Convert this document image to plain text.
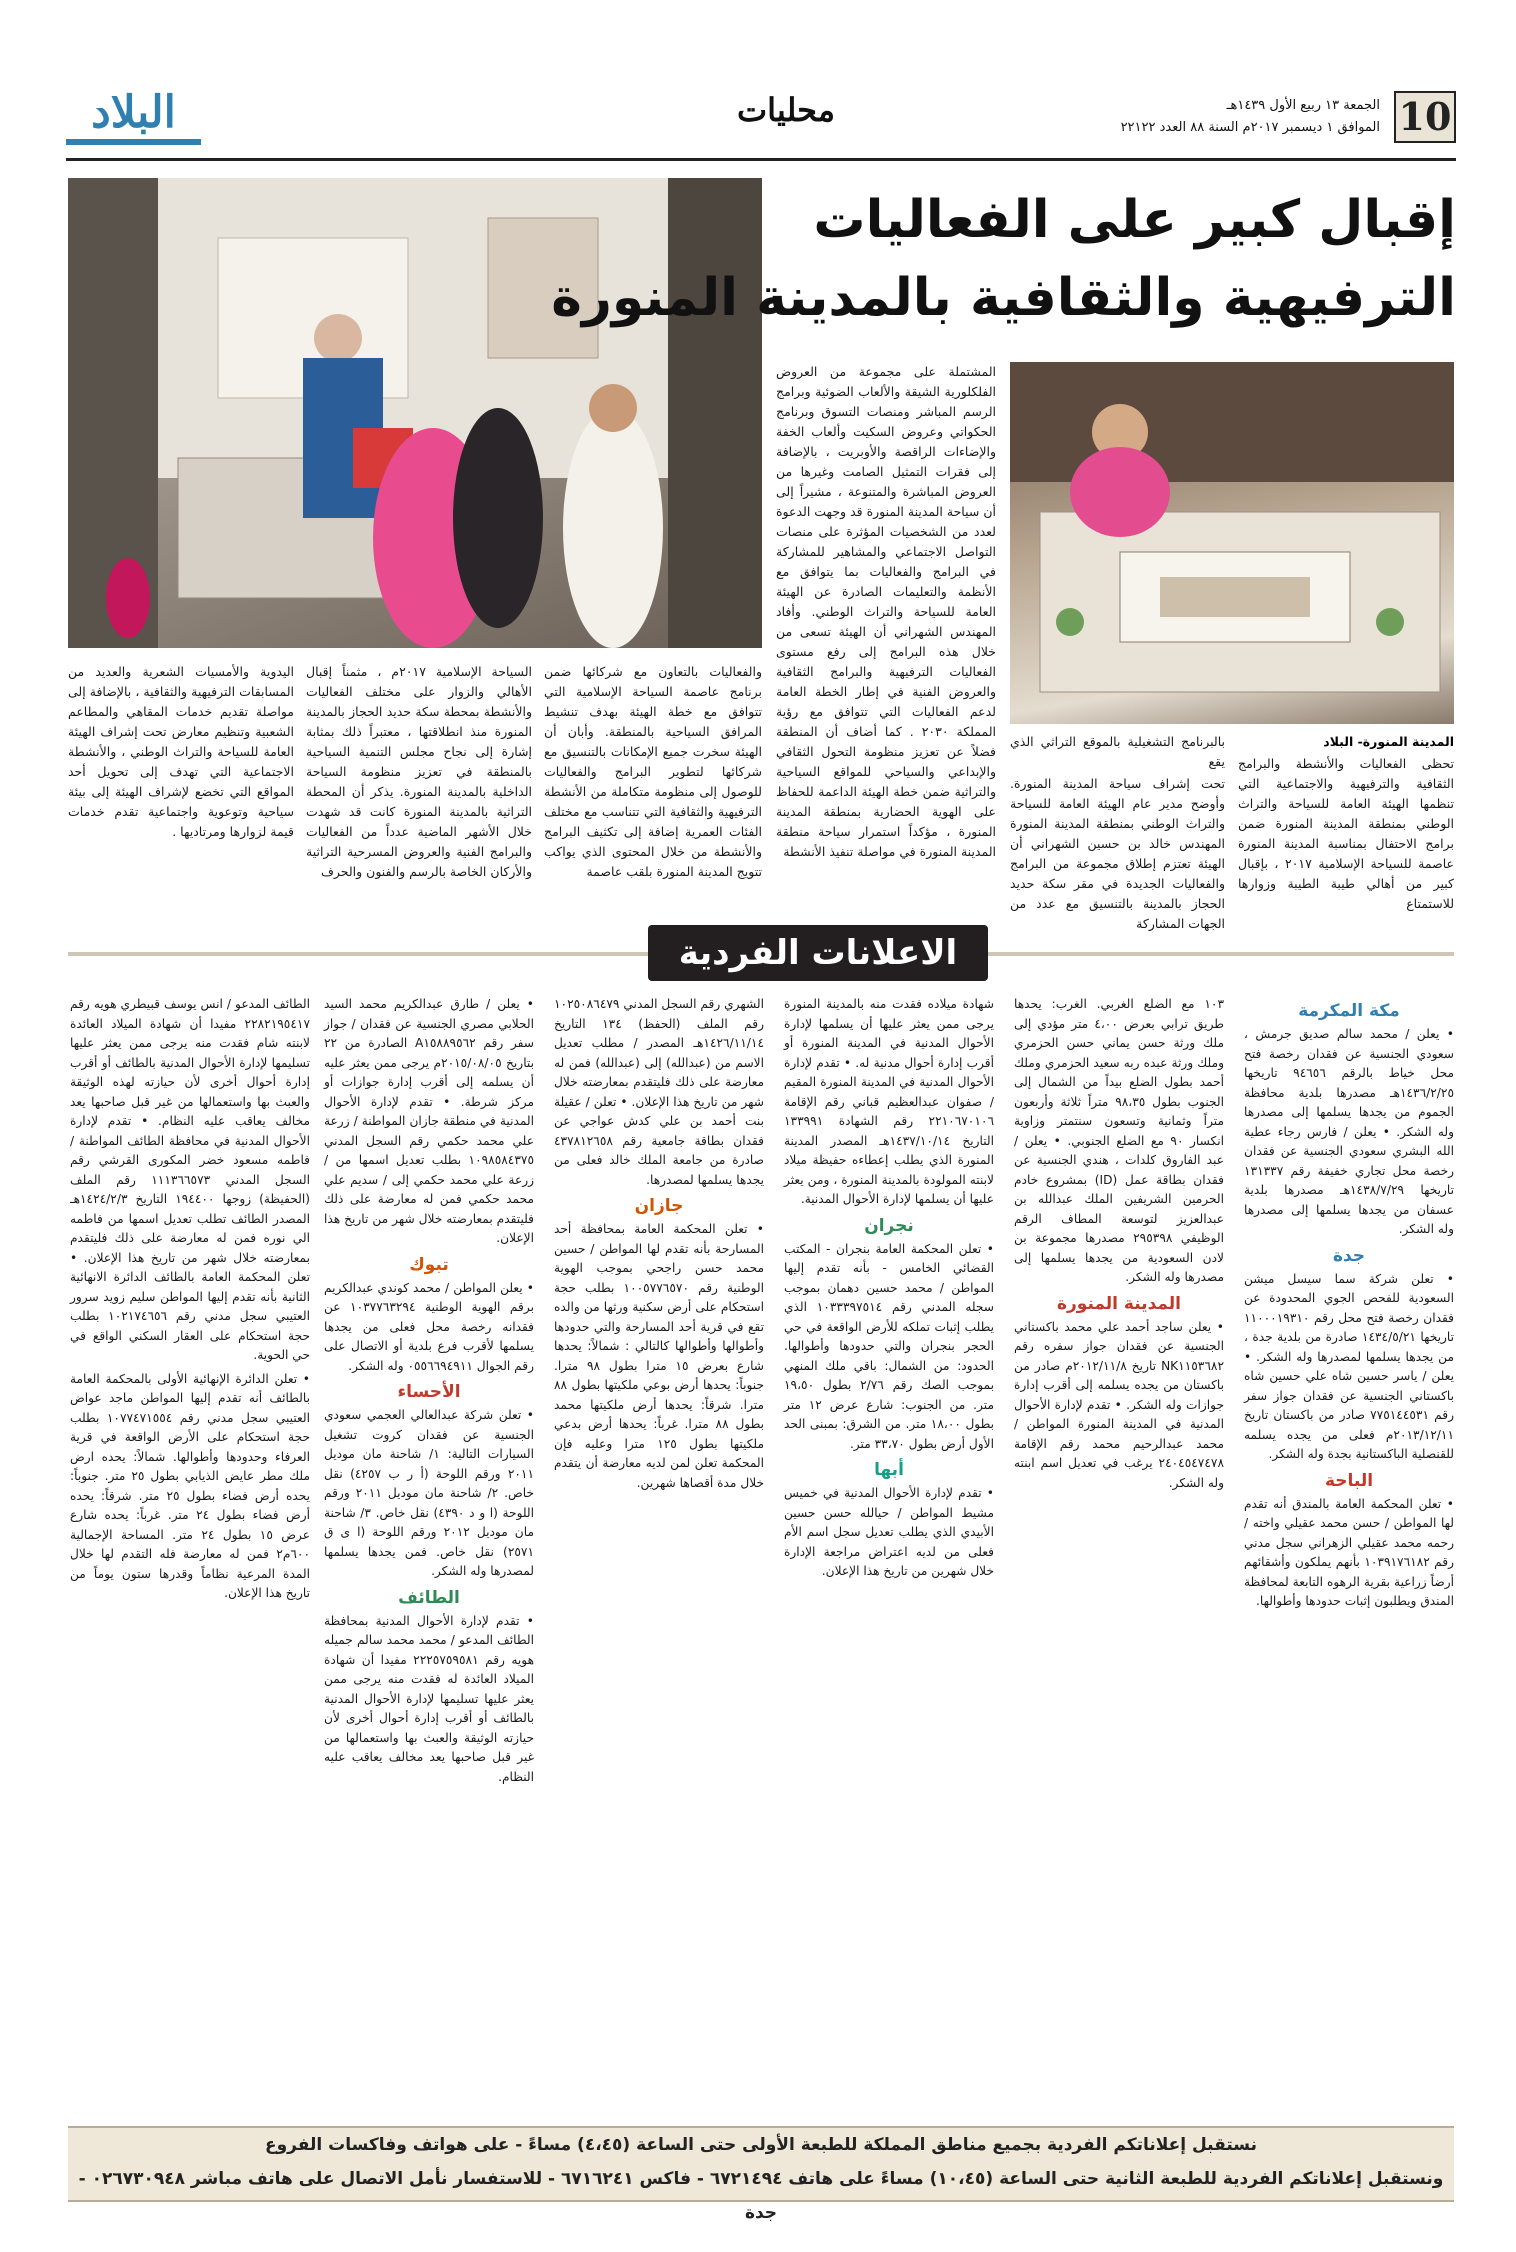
10
الجمعة ١٣ ربيع الأول ١٤٣٩هـ
الموافق ١ ديسمبر ٢٠١٧م السنة ٨٨ العدد ٢٢١٢٢
محليات
البلاد
إقبال كبير على الفعاليات
الترفيهية والثقافية بالمدينة المنورة

بالبرنامج التشغيلية بالموقع التراثي الذي يقع

تحت إشراف سياحة المدينة المنورة. وأوضح مدير عام الهيئة العامة للسياحة والتراث الوطني بمنطقة المدينة المنورة المهندس خالد بن حسين الشهراني أن الهيئة تعتزم إطلاق مجموعة من البرامج والفعاليات الجديدة في مقر سكة حديد الحجاز بالمدينة بالتنسيق مع عدد من الجهات المشاركة

المدينة المنورة- البلاد

تحظى الفعاليات والأنشطة والبرامج الثقافية والترفيهية والاجتماعية التي تنظمها الهيئة العامة للسياحة والتراث الوطني بمنطقة المدينة المنورة ضمن برامج الاحتفال بمناسبة المدينة المنورة عاصمة للسياحة الإسلامية ٢٠١٧ ، بإقبال كبير من أهالي طيبة الطيبة وزوارها للاستمتاع

المشتملة على مجموعة من العروض الفلكلورية الشيقة والألعاب الضوئية وبرامج الرسم المباشر ومنصات التسوق وبرنامج الحكواتي وعروض السكيت وألعاب الخفة والإضاءات الراقصة والأوبريت ، بالإضافة إلى فقرات التمثيل الصامت وغيرها من العروض المباشرة والمتنوعة ، مشيراً إلى أن سياحة المدينة المنورة قد وجهت الدعوة لعدد من الشخصيات المؤثرة على منصات التواصل الاجتماعي والمشاهير للمشاركة في البرامج والفعاليات بما يتوافق مع الأنظمة والتعليمات الصادرة عن الهيئة العامة للسياحة والتراث الوطني. وأفاد المهندس الشهراني أن الهيئة تسعى من خلال هذه البرامج إلى رفع مستوى الفعاليات الترفيهية والبرامج الثقافية والعروض الفنية في إطار الخطة العامة لدعم الفعاليات التي تتوافق مع رؤية المملكة ٢٠٣٠ . كما أضاف أن المنطقة فضلاً عن تعزيز منظومة التحول الثقافي والإبداعي والسياحي للمواقع السياحية والتراثية ضمن خطة الهيئة الداعمة للحفاظ على الهوية الحضارية بمنطقة المدينة المنورة ، مؤكداً استمرار سياحة منطقة المدينة المنورة في مواصلة تنفيذ الأنشطة
والفعاليات بالتعاون مع شركائها ضمن برنامج عاصمة السياحة الإسلامية التي تتوافق مع خطة الهيئة بهدف تنشيط المرافق السياحية بالمنطقة. وأبان أن الهيئة سخرت جميع الإمكانات بالتنسيق مع شركائها لتطوير البرامج والفعاليات للوصول إلى منظومة متكاملة من الأنشطة الترفيهية والثقافية التي تتناسب مع مختلف الفئات العمرية إضافة إلى تكثيف البرامج والأنشطة من خلال المحتوى الذي يواكب تتويج المدينة المنورة بلقب عاصمة
السياحة الإسلامية ٢٠١٧م ، مثمناً إقبال الأهالي والزوار على مختلف الفعاليات والأنشطة بمحطة سكة حديد الحجاز بالمدينة المنورة منذ انطلاقتها ، معتبراً ذلك بمثابة إشارة إلى نجاح مجلس التنمية السياحية بالمنطقة في تعزيز منظومة السياحة الداخلية بالمدينة المنورة. يذكر أن المحطة التراثية بالمدينة المنورة كانت قد شهدت خلال الأشهر الماضية عدداً من الفعاليات والبرامج الفنية والعروض المسرحية التراثية والأركان الخاصة بالرسم والفنون والحرف
اليدوية والأمسيات الشعرية والعديد من المسابقات الترفيهية والثقافية ، بالإضافة إلى مواصلة تقديم خدمات المقاهي والمطاعم الشعبية وتنظيم معارض تحت إشراف الهيئة العامة للسياحة والتراث الوطني ، والأنشطة الاجتماعية التي تهدف إلى تحويل أحد المواقع التي تخضع لإشراف الهيئة إلى بيئة سياحية وتوعوية واجتماعية تقدم خدمات قيمة لزوارها ومرتاديها .
الاعلانات الفردية
مكة المكرمة

• يعلن / محمد سالم صديق جرمش ، سعودي الجنسية عن فقدان رخصة فتح محل خياط بالرقم ٩٤٦٥٦ تاريخها ١٤٣٦/٢/٢٥هـ مصدرها بلدية محافظة الجموم من يجدها يسلمها إلى مصدرها وله الشكر. • يعلن / فارس رجاء عطية الله البشري سعودي الجنسية عن فقدان رخصة محل تجاري خفيفة رقم ١٣١٣٣٧ تاريخها ١٤٣٨/٧/٢٩هـ مصدرها بلدية عسفان من يجدها يسلمها إلى مصدرها وله الشكر.

جدة

• تعلن شركة سما سيسل ميشن السعودية للفحص الجوي المحدودة عن فقدان رخصة فتح محل رقم ١١٠٠٠١٩٣١٠ تاريخها ١٤٣٤/٥/٢١ صادرة من بلدية جدة ، من يجدها يسلمها لمصدرها وله الشكر. • يعلن / ياسر حسين شاه علي حسين شاه باكستاني الجنسية عن فقدان جواز سفر رقم ٧٧٥١٤٤٥٣١ صادر من باكستان تاريخ ٢٠١٣/١٢/١١م فعلى من يجده يسلمه للقنصلية الباكستانية بجدة وله الشكر.

الباحة

• تعلن المحكمة العامة بالمندق أنه تقدم لها المواطن / حسن محمد عقيلي واخته / رحمه محمد عقيلي الزهراني سجل مدني رقم ١٠٣٩١٧٦١٨٢ بأنهم يملكون وأشقائهم أرضاً زراعية بقرية الرهوه التابعة لمحافظة المندق ويطلبون إثبات حدودها وأطوالها.

١٠٣ مع الضلع الغربي. الغرب: يحدها طريق ترابي بعرض ٤،٠٠ متر مؤدي إلى ملك ورثة حسن يماني حسن الحزمري وملك ورثة عبده ربه سعيد الحزمري وملك أحمد بطول الضلع بيداً من الشمال إلى الجنوب بطول ٩٨،٣٥ متراً ثلاثة وأربعون متراً وثمانية وتسعون سنتمتر وزاوية انكسار ٩٠ مع الضلع الجنوبي. • يعلن / عبد الفاروق كلدات ، هندي الجنسية عن فقدان بطاقة عمل (ID) بمشروع خادم الحرمين الشريفين الملك عبدالله بن عبدالعزيز لتوسعة المطاف الرقم الوظيفي ٢٩٥٣٩٨ مصدرها مجموعة بن لادن السعودية من يجدها يسلمها إلى مصدرها وله الشكر.

المدينة المنورة

• يعلن ساجد أحمد علي محمد باكستاني الجنسية عن فقدان جواز سفره رقم NK١١٥٣٦٨٢ تاريخ ٢٠١٢/١١/٨م صادر من باكستان من يجده يسلمه إلى أقرب إدارة جوازات وله الشكر. • تقدم لإدارة الأحوال المدنية في المدينة المنورة المواطن / محمد عبدالرحيم محمد رقم الإقامة ٢٤٠٤٥٤٧٤٧٨ يرغب في تعديل اسم ابنته وله الشكر.

شهادة ميلاده فقدت منه بالمدينة المنورة يرجى ممن يعثر عليها أن يسلمها لإدارة الأحوال المدنية في المدينة المنورة أو أقرب إدارة أحوال مدنية له. • تقدم لإدارة الأحوال المدنية في المدينة المنورة المقيم / صفوان عبدالعظيم قباني رقم الإقامة ٢٢١٠٦٧٠١٠٦ رقم الشهادة ١٣٣٩٩١ التاريخ ١٤٣٧/١٠/١٤هـ المصدر المدينة المنورة الذي يطلب إعطاءه حفيظة ميلاد لابنته المولودة بالمدينة المنورة ، ومن يعثر عليها أن يسلمها لإدارة الأحوال المدنية.

نجران

• تعلن المحكمة العامة بنجران - المكتب القضائي الخامس - بأنه تقدم إليها المواطن / محمد حسين دهمان بموجب سجله المدني رقم ١٠٣٣٣٩٧٥١٤ الذي يطلب إثبات تملكه للأرض الواقعة في حي الحجر بنجران والتي حدودها وأطوالها. الحدود: من الشمال: باقي ملك المنهي بموجب الصك رقم ٢/٧٦ بطول ١٩،٥٠ متر. من الجنوب: شارع عرض ١٢ متر بطول ١٨،٠٠ متر. من الشرق: بمبنى الحد الأول أرض بطول ٣٣،٧٠ متر.

أبها

• تقدم لإدارة الأحوال المدنية في خميس مشيط المواطن / حيالله حسن حسين الأبيدي الذي يطلب تعديل سجل اسم الأم فعلى من لديه اعتراض مراجعة الإدارة خلال شهرين من تاريخ هذا الإعلان.

الشهري رقم السجل المدني ١٠٢٥٠٨٦٤٧٩ رقم الملف (الحفظ) ١٣٤ التاريخ ١٤٢٦/١١/١٤هـ المصدر / مطلب تعديل الاسم من (عبدالله) إلى (عبدالله) فمن له معارضة على ذلك فليتقدم بمعارضته خلال شهر من تاريخ هذا الإعلان. • تعلن / عقيلة بنت أحمد بن علي كدش عواجي عن فقدان بطاقة جامعية رقم ٤٣٧٨١٢٦٥٨ صادرة من جامعة الملك خالد فعلى من يجدها يسلمها لمصدرها.

جازان

• تعلن المحكمة العامة بمحافظة أحد المسارحة بأنه تقدم لها المواطن / حسين محمد حسن راجحي بموجب الهوية الوطنية رقم ١٠٠٥٧٧٦٥٧٠ بطلب حجة استحكام على أرض سكنية ورثها من والده تقع في قرية أحد المسارحة والتي حدودها وأطوالها وأطوالها كالتالي : شمالاً: يحدها شارع بعرض ١٥ مترا بطول ٩٨ مترا. جنوباً: يحدها أرض بوعي ملكيتها بطول ٨٨ مترا. شرقاً: يحدها أرض ملكيتها محمد بطول ٨٨ مترا. غرباً: يحدها أرض بدعي ملكيتها بطول ١٢٥ مترا وعليه فإن المحكمة تعلن لمن لديه معارضة أن يتقدم خلال مدة أقصاها شهرين.

• يعلن / طارق عبدالكريم محمد السيد الحلابي مصري الجنسية عن فقدان / جواز سفر رقم A١٥٨٨٩٥٦٢ الصادرة من ٢٢ بتاريخ ٢٠١٥/٠٨/٠٥م يرجى ممن يعثر عليه أن يسلمه إلى أقرب إدارة جوازات أو مركز شرطة. • تقدم لإدارة الأحوال المدنية في منطقة جازان المواطنة / زرعة علي محمد حكمي رقم السجل المدني ١٠٩٨٥٨٤٣٧٥ بطلب تعديل اسمها من / زرعة علي محمد حكمي إلى / سديم علي محمد حكمي فمن له معارضة على ذلك فليتقدم بمعارضته خلال شهر من تاريخ هذا الإعلان.

تبوك

• يعلن المواطن / محمد كوندي عبدالكريم برقم الهوية الوطنية ١٠٣٧٧٦٣٢٩٤ عن فقدانه رخصة محل فعلى من يجدها يسلمها لأقرب فرع بلدية أو الاتصال على رقم الجوال ٠٥٥٦٦٩٤٩١١ وله الشكر.

الأحساء

• تعلن شركة عبدالعالي العجمي سعودي الجنسية عن فقدان كروت تشغيل السيارات التالية: ١/ شاحنة مان موديل ٢٠١١ ورقم اللوحة (أ ر ب ٤٢٥٧) نقل خاص. ٢/ شاحنة مان موديل ٢٠١١ ورقم اللوحة (ا و د ٤٣٩٠) نقل خاص. ٣/ شاحنة مان موديل ٢٠١٢ ورقم اللوحة (ا ى ق ٢٥٧١) نقل خاص. فمن يجدها يسلمها لمصدرها وله الشكر.

الطائف

• تقدم لإدارة الأحوال المدنية بمحافظة الطائف المدعو / محمد محمد سالم جميله هويه رقم ٢٢٢٥٧٥٩٥٨١ مفيدا أن شهادة الميلاد العائدة له فقدت منه يرجى ممن يعثر عليها تسليمها لإدارة الأحوال المدنية بالطائف أو أقرب إدارة أحوال أخرى لأن حيازته الوثيقة والعبث بها واستعمالها من غير قبل صاحبها يعد مخالف يعاقب عليه النظام.

الطائف المدعو / انس يوسف قبيطري هويه رقم ٢٢٨٢١٩٥٤١٧ مفيدا أن شهادة الميلاد العائدة لابنته شام فقدت منه يرجى ممن يعثر عليها تسليمها لإدارة الأحوال المدنية بالطائف أو أقرب إدارة أحوال أخرى لأن حيازته لهذه الوثيقة والعبث بها واستعمالها من غير قبل صاحبها يعد مخالف يعاقب عليه النظام. • تقدم لإدارة الأحوال المدنية في محافظة الطائف المواطنة / فاطمه مسعود خضر المكورى القرشي رقم السجل المدني ١١١٣٦٦٥٧٣ رقم الملف (الحفيظة) زوجها ١٩٤٤٠٠ التاريخ ١٤٢٤/٢/٣هـ المصدر الطائف تطلب تعديل اسمها من فاطمه الي نوره فمن له معارضة على ذلك فليتقدم بمعارضته خلال شهر من تاريخ هذا الإعلان. • تعلن المحكمة العامة بالطائف الدائرة الانهائية الثانية بأنه تقدم إليها المواطن سليم زويد سرور العتيبي سجل مدني رقم ١٠٢١٧٤٦٥٦ بطلب حجة استحكام على العقار السكني الواقع في حي الحوية.

• تعلن الدائرة الإنهائية الأولى بالمحكمة العامة بالطائف أنه تقدم إليها المواطن ماجد عواض العتيبي سجل مدني رقم ١٠٧٧٤٧١٥٥٤ بطلب حجة استحكام على الأرض الواقعة في قرية العرفاء وحدودها وأطوالها. شمالاً: يحده ارض ملك مطر عايض الذيابي بطول ٢٥ متر. جنوباً: يحده أرض فضاء بطول ٢٥ متر. شرقاً: يحده أرض فضاء بطول ٢٤ متر. غرباً: يحده شارع عرض ١٥ بطول ٢٤ متر. المساحة الإجمالية ٦٠٠م٢ فمن له معارضة فله التقدم لها خلال المدة المرعية نظاماً وقدرها ستون يوماً من تاريخ هذا الإعلان.

نستقبل إعلاناتكم الفردية بجميع مناطق المملكة للطبعة الأولى حتى الساعة (٤،٤٥) مساءً - على هواتف وفاكسات الفروع

ونستقبل إعلاناتكم الفردية للطبعة الثانية حتى الساعة (١٠،٤٥) مساءً على هاتف ٦٧٢١٤٩٤ - فاكس ٦٧١٦٢٤١ - للاستفسار نأمل الاتصال على هاتف مباشر ٠٢٦٧٣٠٩٤٨ - جدة
